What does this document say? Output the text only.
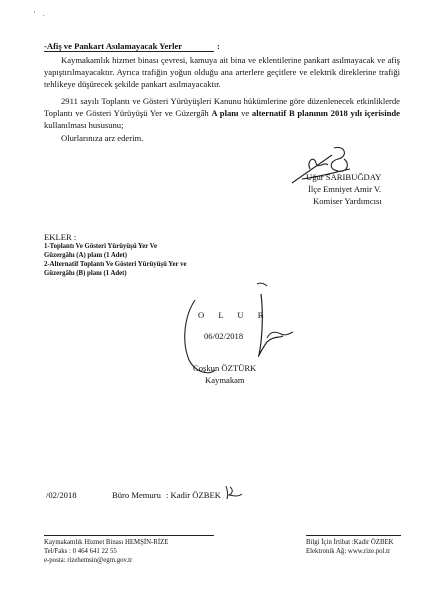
' .
-Afiş ve Pankart Asılamayacak Yerler	:
Kaymakamlık hizmet binası çevresi, kamuya ait bina ve eklentilerine pankart asılmayacak ve afiş yapıştırılmayacaktır. Ayrıca trafiğin yoğun olduğu ana arterlere geçitlere ve elektrik direklerine trafiği tehlikeye düşürecek şekilde pankart asılmayacaktır.
2911 sayılı Toplantı ve Gösteri Yürüyüşleri Kanunu hükümlerine göre düzenlenecek etkinliklerde Toplantı ve Gösteri Yürüyüşü Yer ve Güzergâh A planı ve alternatif B planının 2018 yılı içerisinde kullanılması hususunu;
Olurlarınıza arz ederim.
Uğur SARIBUĞDAY
İlçe Emniyet Amir V.
Komiser Yardımcısı
EKLER :
1-Toplantı Ve Gösteri Yürüyüşü Yer Ve
Güzergâhı (A) planı (1 Adet)
2-Alternatif Toplantı Ve Gösteri Yürüyüşü Yer ve
Güzergâhı (B) planı (1 Adet)
O L U R
06/02/2018
Coşkun ÖZTÜRK
Kaymakam
/02/2018	Büro Memuru : Kadir ÖZBEK
Kaymakamlık Hizmet Binası HEMŞİN-RİZE
Tel/Faks : 0 464 641 22 55
e-posta: rizehemsin@egm.gov.tr
Bilgi İçin İrtibat :Kadir ÖZBEK
Elektronik Ağ: www.rize.pol.tr
